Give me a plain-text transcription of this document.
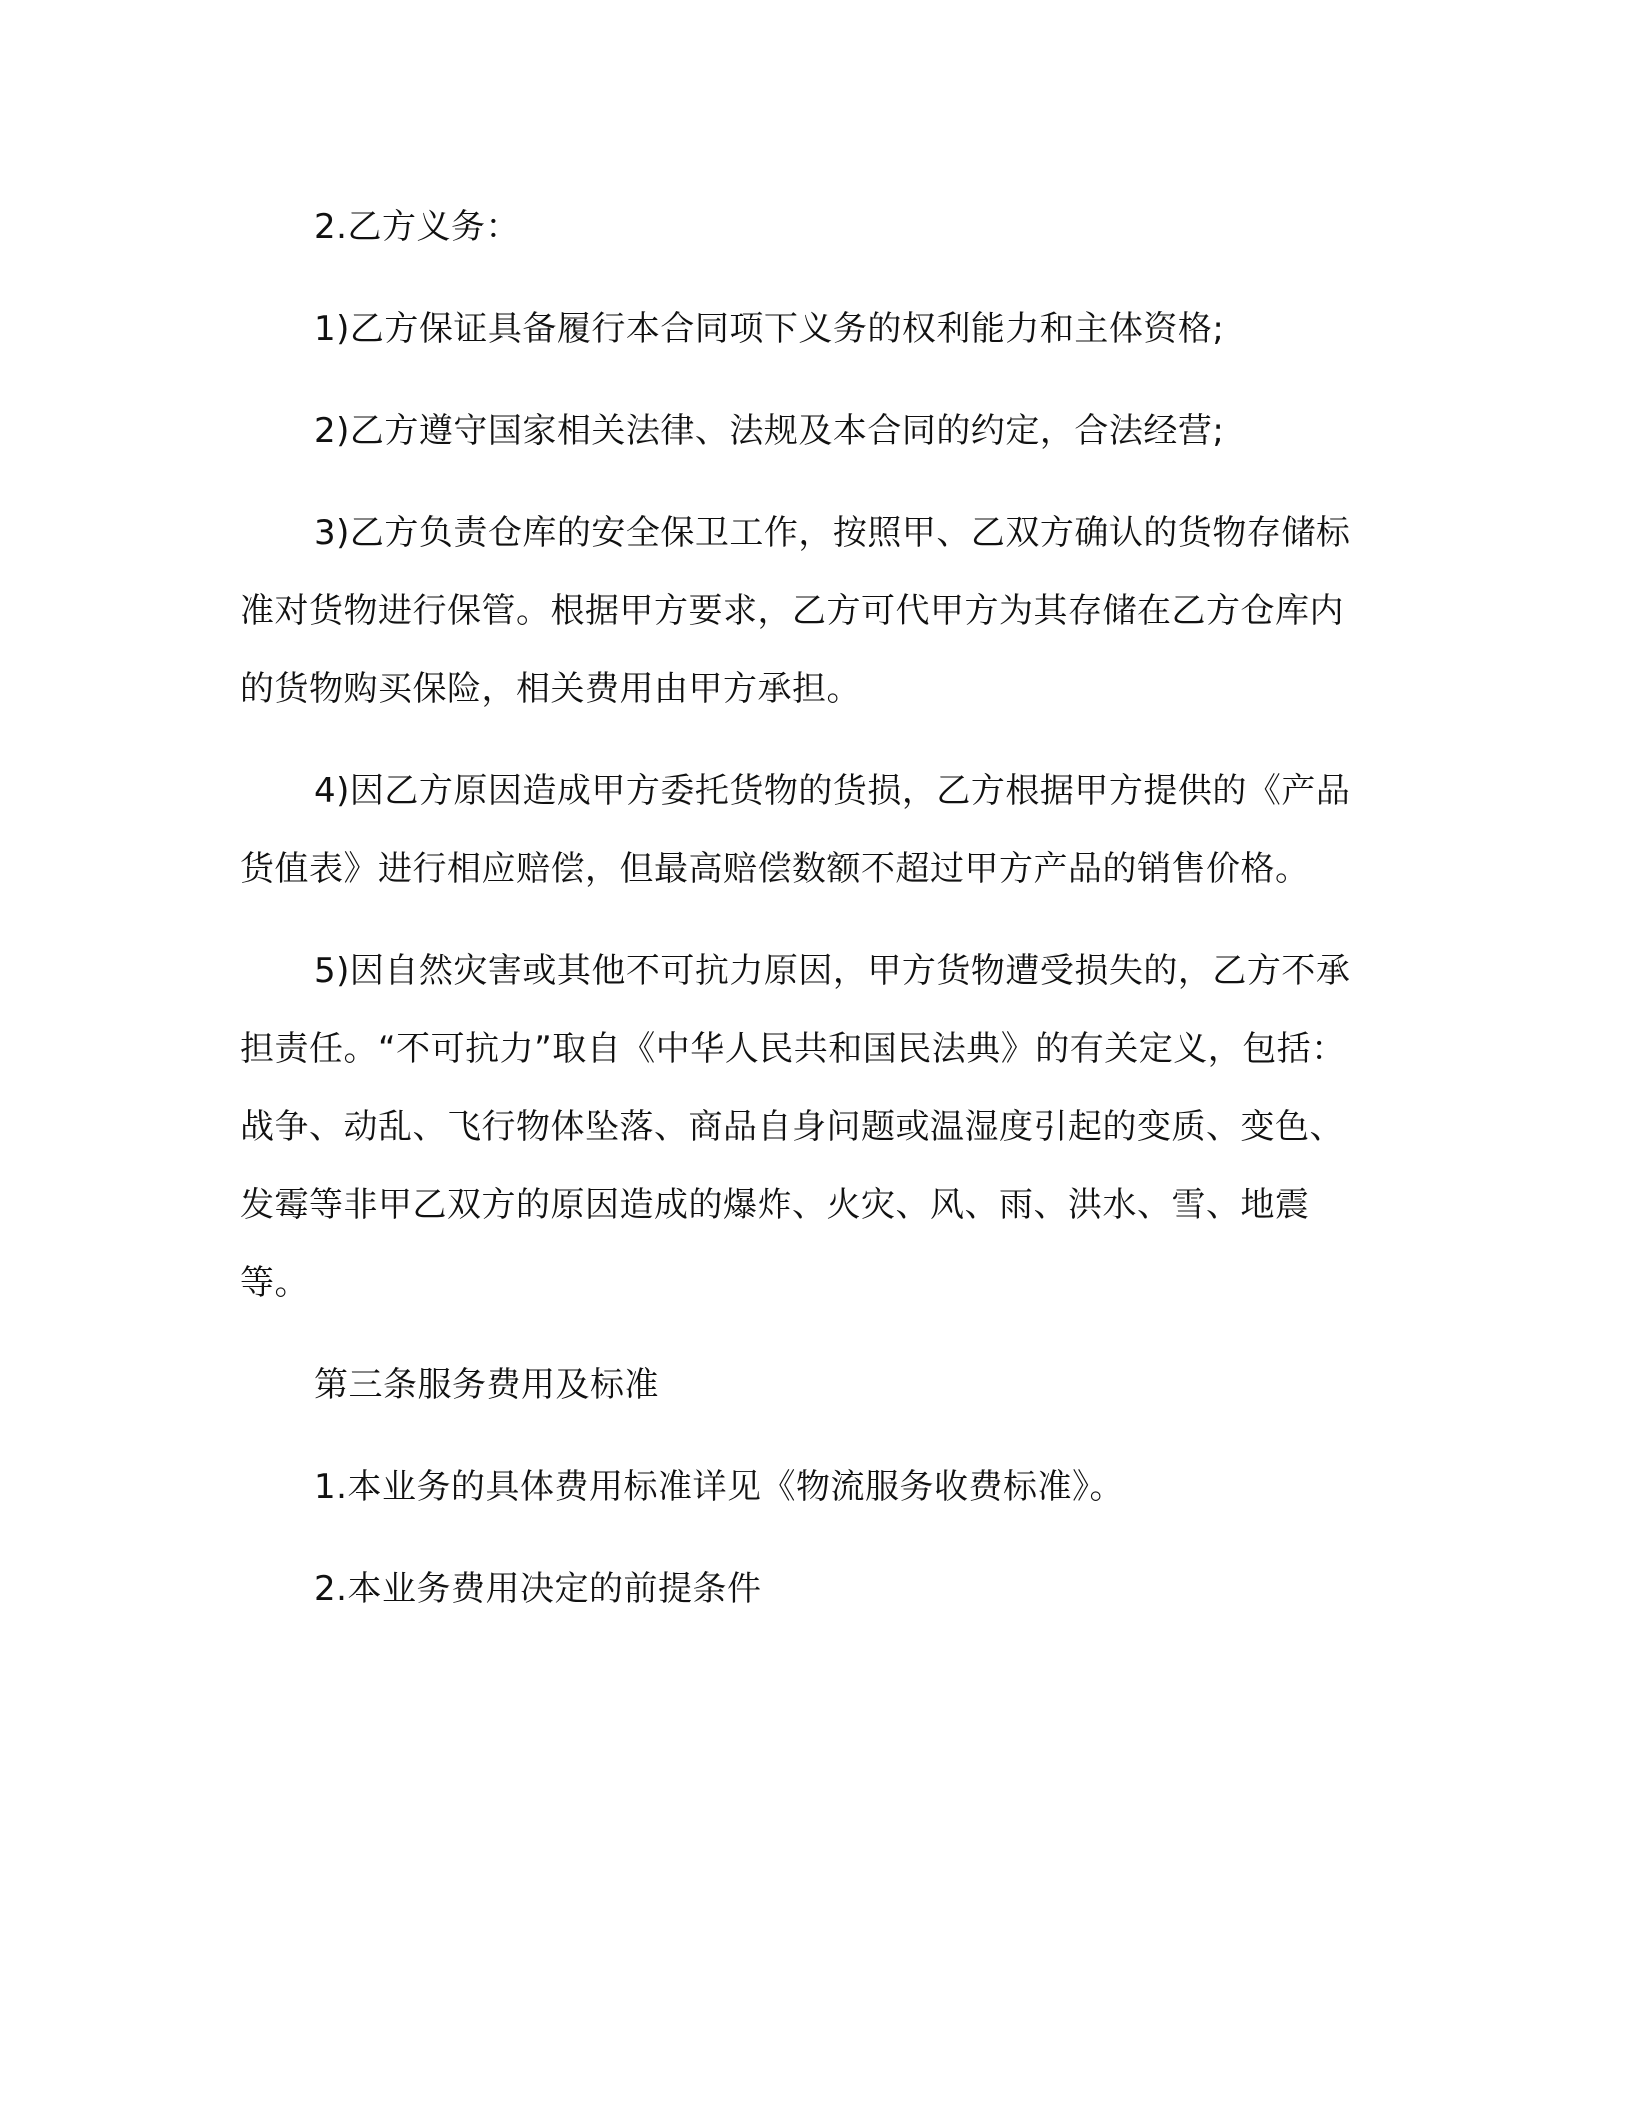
2.乙方义务：

1)乙方保证具备履行本合同项下义务的权利能力和主体资格;

2)乙方遵守国家相关法律、法规及本合同的约定，合法经营;

3)乙方负责仓库的安全保卫工作，按照甲、乙双方确认的货物存储标准对货物进行保管。根据甲方要求，乙方可代甲方为其存储在乙方仓库内的货物购买保险，相关费用由甲方承担。

4)因乙方原因造成甲方委托货物的货损，乙方根据甲方提供的《产品货值表》进行相应赔偿，但最高赔偿数额不超过甲方产品的销售价格。

5)因自然灾害或其他不可抗力原因，甲方货物遭受损失的，乙方不承担责任。“不可抗力”取自《中华人民共和国民法典》的有关定义，包括：战争、动乱、飞行物体坠落、商品自身问题或温湿度引起的变质、变色、发霉等非甲乙双方的原因造成的爆炸、火灾、风、雨、洪水、雪、地震等。

第三条服务费用及标准

1.本业务的具体费用标准详见《物流服务收费标准》。

2.本业务费用决定的前提条件
